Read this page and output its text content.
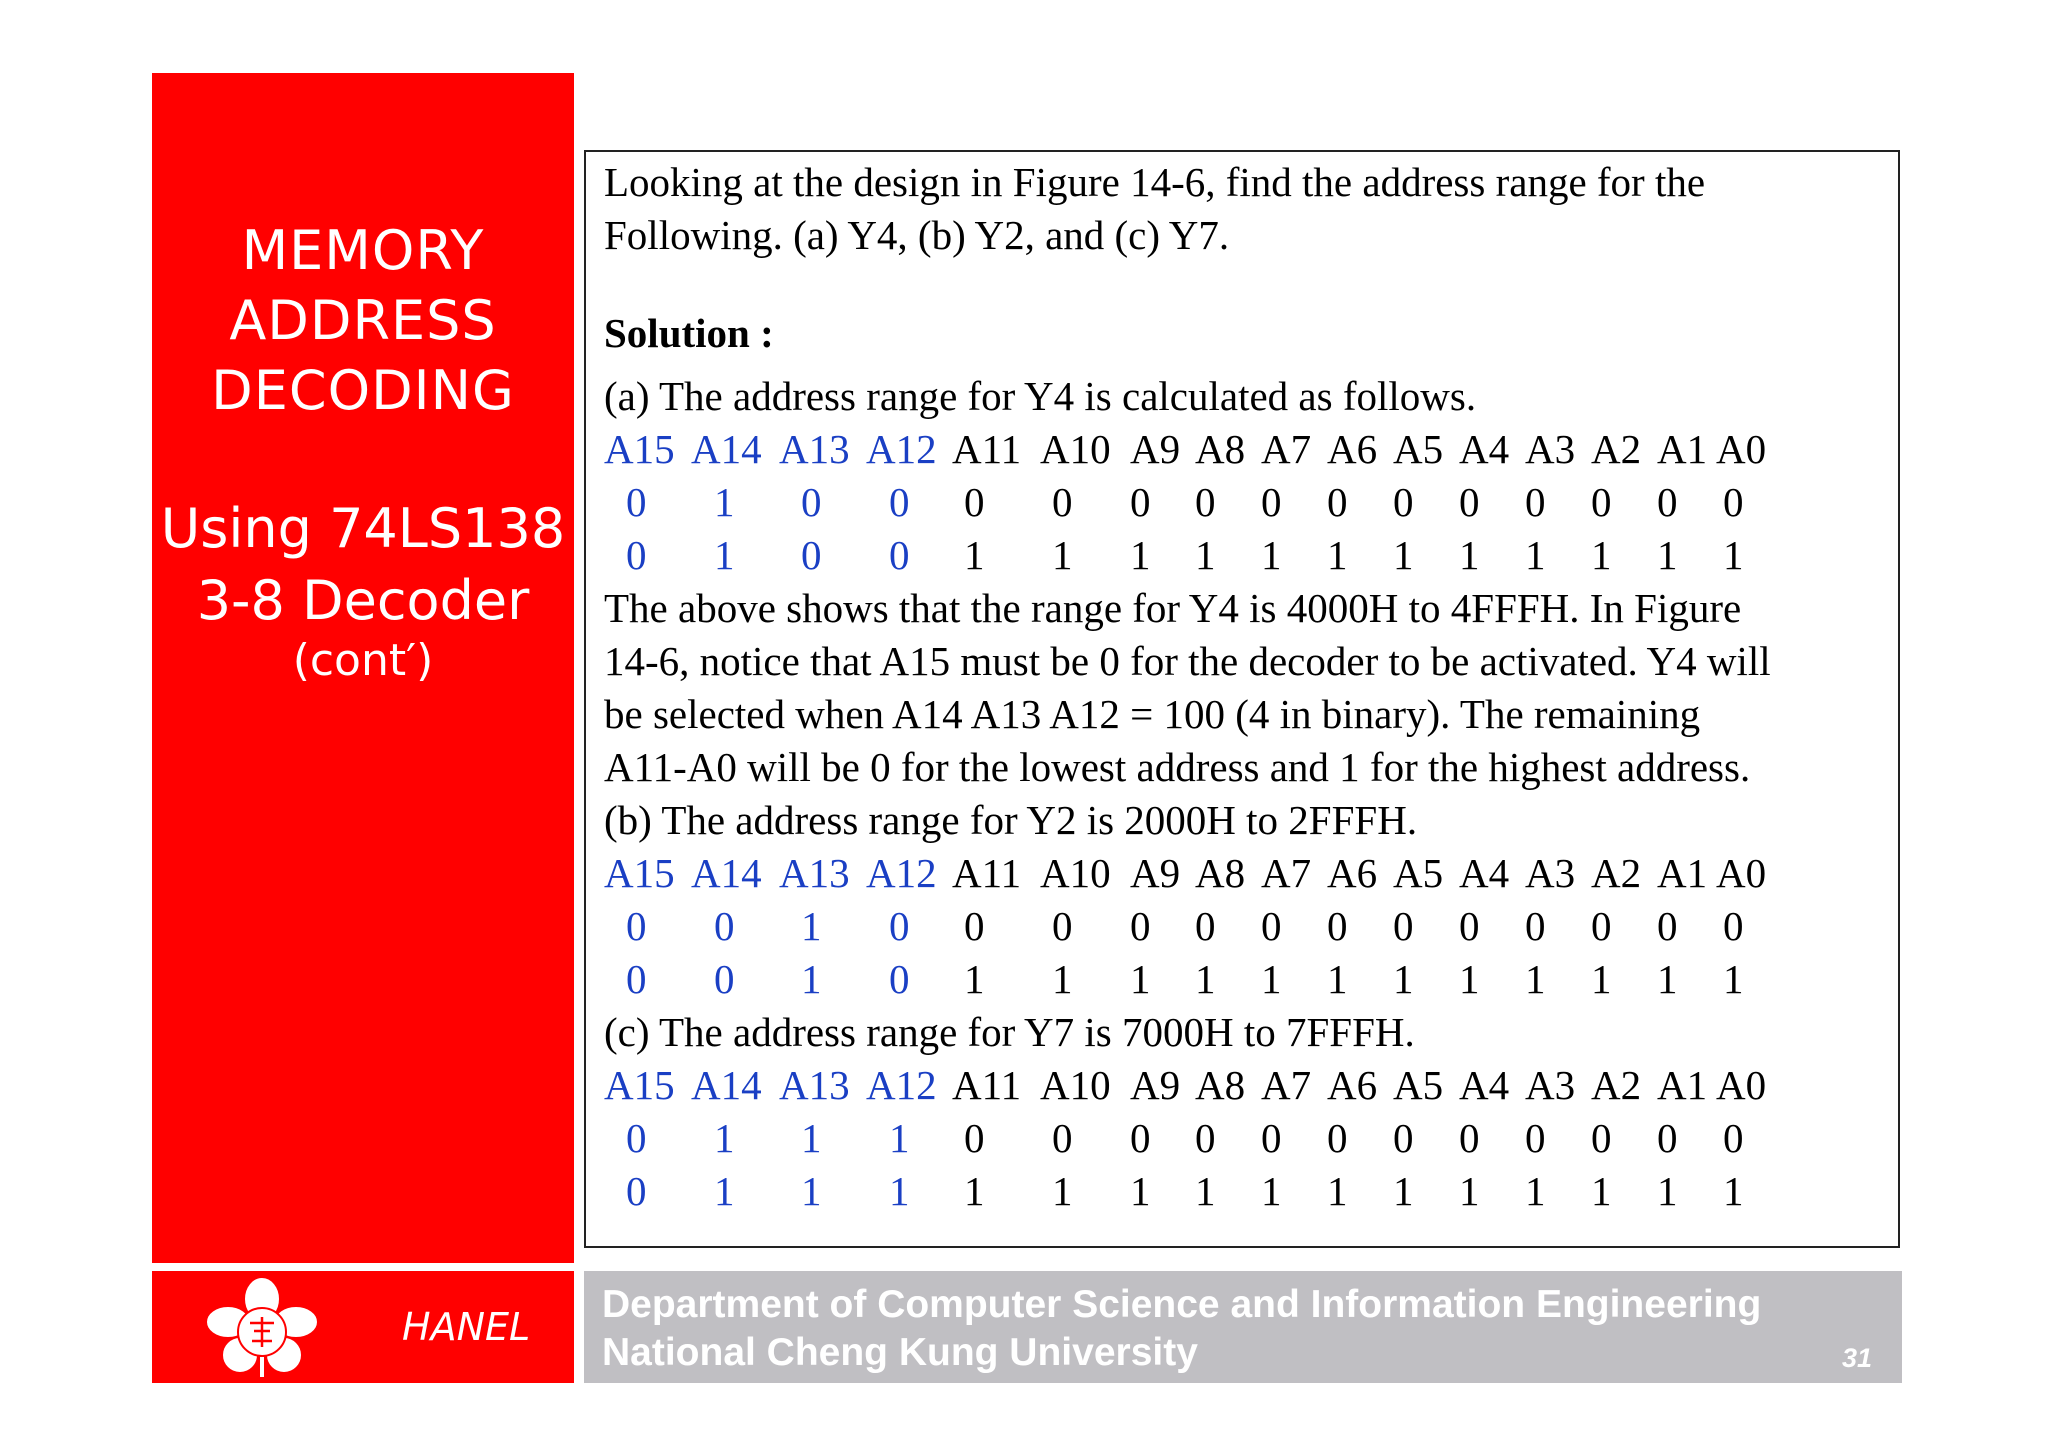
MEMORY
ADDRESS
DECODING
Using 74LS138
3-8 Decoder
(cont′)
HANEL

Looking at the design in Figure 14-6, find the address range for the

Following. (a) Y4, (b) Y2, and (c) Y7.

Solution :

(a) The address range for Y4 is calculated as follows.

A15 A14 A13 A12 A11 A10 A9 A8 A7 A6 A5 A4 A3 A2 A1 A0
0 1 0 0 0 0 0 0 0 0 0 0 0 0 0 0
0 1 0 0 1 1 1 1 1 1 1 1 1 1 1 1

The above shows that the range for Y4 is 4000H to 4FFFH. In Figure

14-6, notice that A15 must be 0 for the decoder to be activated. Y4 will

be selected when A14 A13 A12 = 100 (4 in binary). The remaining

A11-A0 will be 0 for the lowest address and 1 for the highest address.

(b) The address range for Y2 is 2000H to 2FFFH.

A15 A14 A13 A12 A11 A10 A9 A8 A7 A6 A5 A4 A3 A2 A1 A0
0 0 1 0 0 0 0 0 0 0 0 0 0 0 0 0
0 0 1 0 1 1 1 1 1 1 1 1 1 1 1 1

(c) The address range for Y7 is 7000H to 7FFFH.

A15 A14 A13 A12 A11 A10 A9 A8 A7 A6 A5 A4 A3 A2 A1 A0
0 1 1 1 0 0 0 0 0 0 0 0 0 0 0 0
0 1 1 1 1 1 1 1 1 1 1 1 1 1 1 1
Department of Computer Science and Information Engineering
National Cheng Kung University	31
